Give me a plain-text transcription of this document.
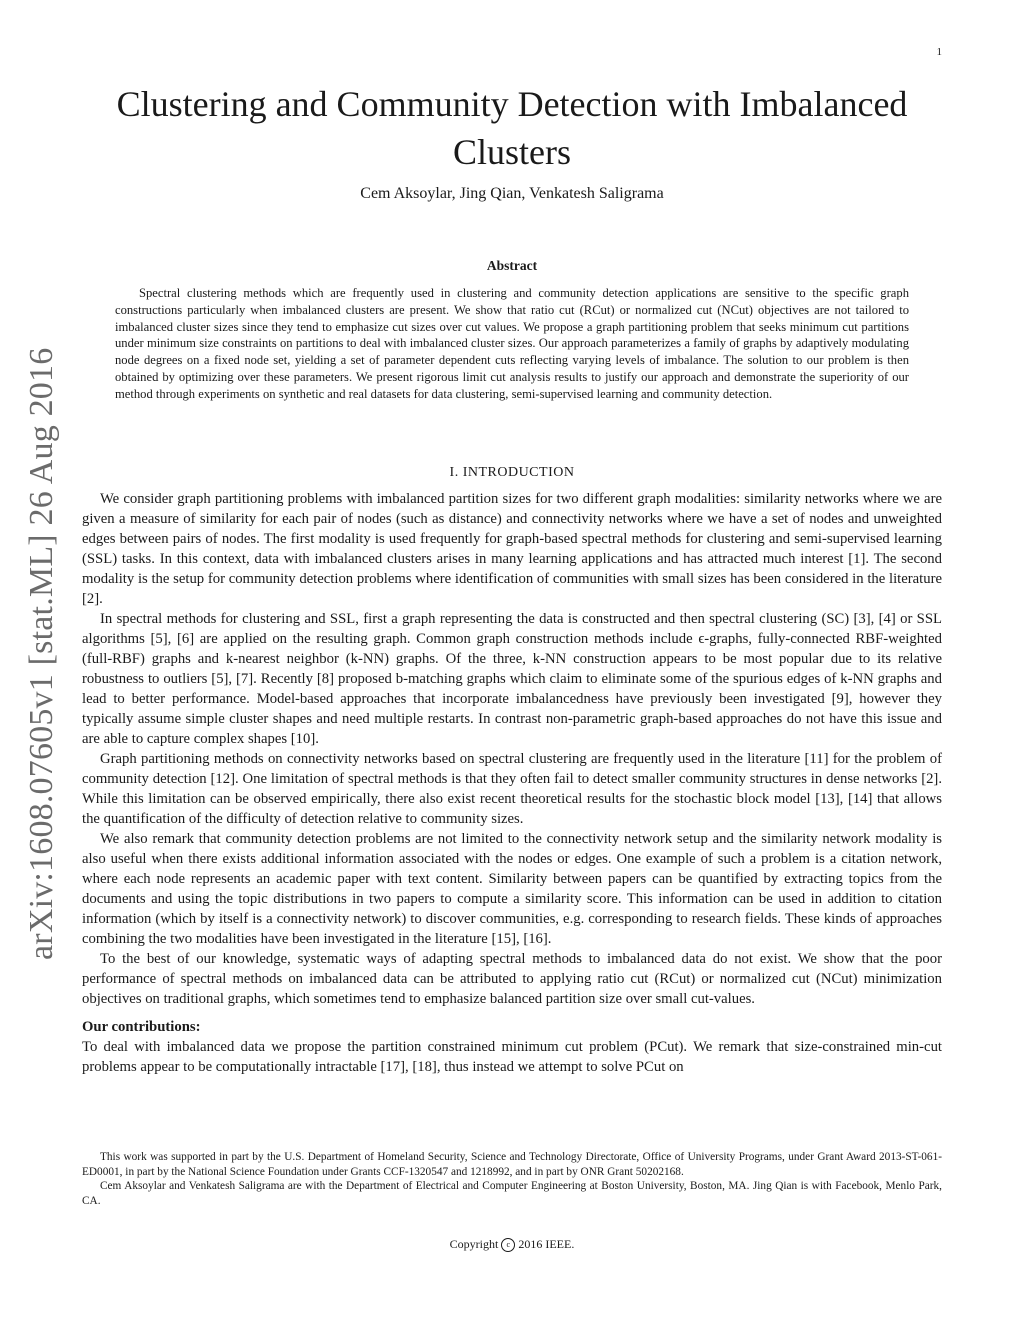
1
arXiv:1608.07605v1 [stat.ML] 26 Aug 2016
Clustering and Community Detection with Imbalanced Clusters
Cem Aksoylar, Jing Qian, Venkatesh Saligrama
Abstract

Spectral clustering methods which are frequently used in clustering and community detection applications are sensitive to the specific graph constructions particularly when imbalanced clusters are present. We show that ratio cut (RCut) or normalized cut (NCut) objectives are not tailored to imbalanced cluster sizes since they tend to emphasize cut sizes over cut values. We propose a graph partitioning problem that seeks minimum cut partitions under minimum size constraints on partitions to deal with imbalanced cluster sizes. Our approach parameterizes a family of graphs by adaptively modulating node degrees on a fixed node set, yielding a set of parameter dependent cuts reflecting varying levels of imbalance. The solution to our problem is then obtained by optimizing over these parameters. We present rigorous limit cut analysis results to justify our approach and demonstrate the superiority of our method through experiments on synthetic and real datasets for data clustering, semi-supervised learning and community detection.

I. INTRODUCTION

We consider graph partitioning problems with imbalanced partition sizes for two different graph modalities: similarity networks where we are given a measure of similarity for each pair of nodes (such as distance) and connectivity networks where we have a set of nodes and unweighted edges between pairs of nodes. The first modality is used frequently for graph-based spectral methods for clustering and semi-supervised learning (SSL) tasks. In this context, data with imbalanced clusters arises in many learning applications and has attracted much interest [1]. The second modality is the setup for community detection problems where identification of communities with small sizes has been considered in the literature [2].

In spectral methods for clustering and SSL, first a graph representing the data is constructed and then spectral clustering (SC) [3], [4] or SSL algorithms [5], [6] are applied on the resulting graph. Common graph construction methods include ϵ-graphs, fully-connected RBF-weighted (full-RBF) graphs and k-nearest neighbor (k-NN) graphs. Of the three, k-NN construction appears to be most popular due to its relative robustness to outliers [5], [7]. Recently [8] proposed b-matching graphs which claim to eliminate some of the spurious edges of k-NN graphs and lead to better performance. Model-based approaches that incorporate imbalancedness have previously been investigated [9], however they typically assume simple cluster shapes and need multiple restarts. In contrast non-parametric graph-based approaches do not have this issue and are able to capture complex shapes [10].

Graph partitioning methods on connectivity networks based on spectral clustering are frequently used in the literature [11] for the problem of community detection [12]. One limitation of spectral methods is that they often fail to detect smaller community structures in dense networks [2]. While this limitation can be observed empirically, there also exist recent theoretical results for the stochastic block model [13], [14] that allows the quantification of the difficulty of detection relative to community sizes.

We also remark that community detection problems are not limited to the connectivity network setup and the similarity network modality is also useful when there exists additional information associated with the nodes or edges. One example of such a problem is a citation network, where each node represents an academic paper with text content. Similarity between papers can be quantified by extracting topics from the documents and using the topic distributions in two papers to compute a similarity score. This information can be used in addition to citation information (which by itself is a connectivity network) to discover communities, e.g. corresponding to research fields. These kinds of approaches combining the two modalities have been investigated in the literature [15], [16].

To the best of our knowledge, systematic ways of adapting spectral methods to imbalanced data do not exist. We show that the poor performance of spectral methods on imbalanced data can be attributed to applying ratio cut (RCut) or normalized cut (NCut) minimization objectives on traditional graphs, which sometimes tend to emphasize balanced partition size over small cut-values.

Our contributions:

To deal with imbalanced data we propose the partition constrained minimum cut problem (PCut). We remark that size-constrained min-cut problems appear to be computationally intractable [17], [18], thus instead we attempt to solve PCut on

This work was supported in part by the U.S. Department of Homeland Security, Science and Technology Directorate, Office of University Programs, under Grant Award 2013-ST-061-ED0001, in part by the National Science Foundation under Grants CCF-1320547 and 1218992, and in part by ONR Grant 50202168.

Cem Aksoylar and Venkatesh Saligrama are with the Department of Electrical and Computer Engineering at Boston University, Boston, MA. Jing Qian is with Facebook, Menlo Park, CA.

Copyright c 2016 IEEE.
